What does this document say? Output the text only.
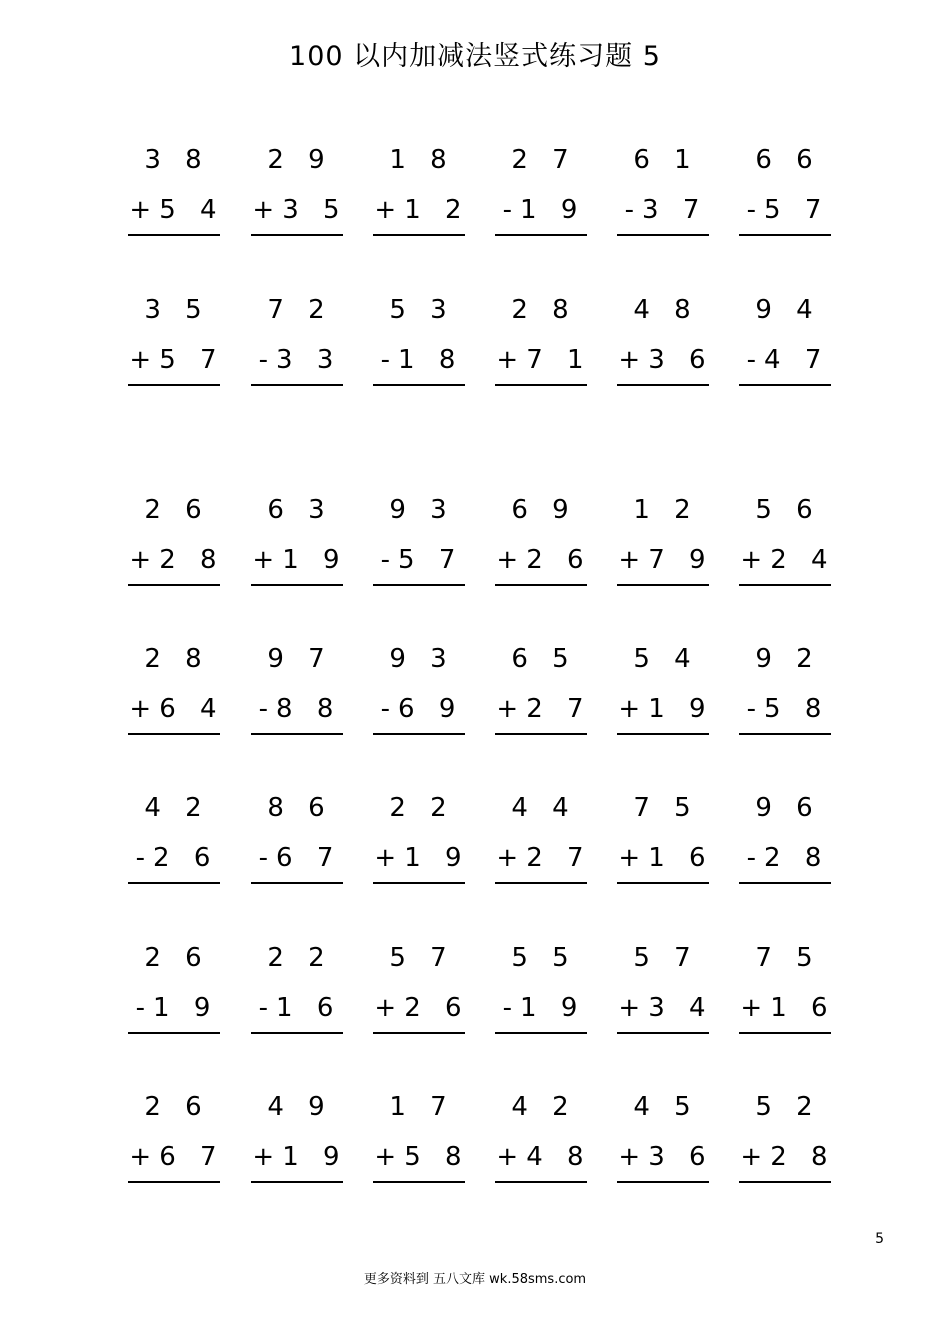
100 以内加减法竖式练习题 5
3 8
+5 4
2 9
+3 5
1 8
+1 2
2 7
-1 9
6 1
-3 7
6 6
-5 7
3 5
+5 7
7 2
-3 3
5 3
-1 8
2 8
+7 1
4 8
+3 6
9 4
-4 7
2 6
+2 8
6 3
+1 9
9 3
-5 7
6 9
+2 6
1 2
+7 9
5 6
+2 4
2 8
+6 4
9 7
-8 8
9 3
-6 9
6 5
+2 7
5 4
+1 9
9 2
-5 8
4 2
-2 6
8 6
-6 7
2 2
+1 9
4 4
+2 7
7 5
+1 6
9 6
-2 8
2 6
-1 9
2 2
-1 6
5 7
+2 6
5 5
-1 9
5 7
+3 4
7 5
+1 6
2 6
+6 7
4 9
+1 9
1 7
+5 8
4 2
+4 8
4 5
+3 6
5 2
+2 8
5
更多资料到 五八文库 wk.58sms.com
